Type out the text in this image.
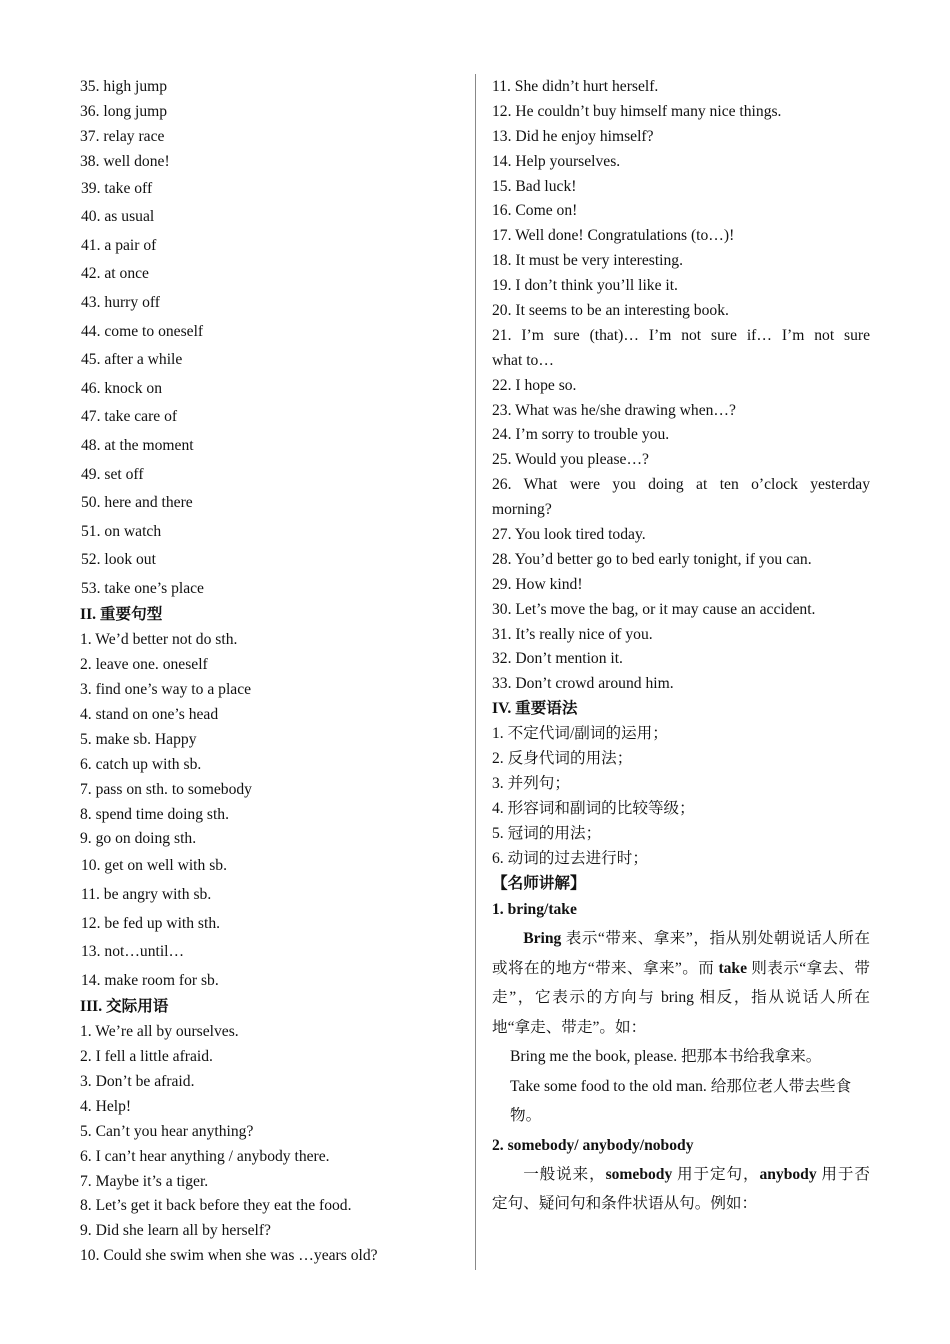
35. high jump
36. long jump
37. relay race
38. well done!
39. take off
40. as usual
41. a pair of
42. at once
43. hurry off
44. come to oneself
45. after a while
46. knock on
47. take care of
48. at the moment
49. set off
50. here and there
51. on watch
52. look out
53. take one’s place
II. 重要句型
1. We’d better not do sth.
2. leave one. oneself
3. find one’s way to a place
4. stand on one’s head
5. make sb. Happy
6. catch up with sb.
7. pass on sth. to somebody
8. spend time doing sth.
9. go on doing sth.
10. get on well with sb.
11. be angry with sb.
12. be fed up with sth.
13. not…until…
14. make room for sb.
III. 交际用语
1. We’re all by ourselves.
2. I fell a little afraid.
3. Don’t be afraid.
4. Help!
5. Can’t you hear anything?
6. I can’t hear anything / anybody there.
7. Maybe it’s a tiger.
8. Let’s get it back before they eat the food.
9. Did she learn all by herself?
10. Could she swim when she was …years old?
11. She didn’t hurt herself.
12. He couldn’t buy himself many nice things.
13. Did he enjoy himself?
14. Help yourselves.
15. Bad luck!
16. Come on!
17. Well done! Congratulations (to…)!
18. It must be very interesting.
19. I don’t think you’ll like it.
20. It seems to be an interesting book.
21. I’m sure (that)… I’m not sure if… I’m not sure
what to…
22. I hope so.
23. What was he/she drawing when…?
24. I’m sorry to trouble you.
25. Would you please…?
26. What were you doing at ten o’clock yesterday
morning?
27. You look tired today.
28. You’d better go to bed early tonight, if you can.
29. How kind!
30. Let’s move the bag, or it may cause an accident.
31. It’s really nice of you.
32. Don’t mention it.
33. Don’t crowd around him.
IV. 重要语法
1. 不定代词/副词的运用；
2. 反身代词的用法；
3. 并列句；
4. 形容词和副词的比较等级；
5. 冠词的用法；
6. 动词的过去进行时；
【名师讲解】
1. bring/take

Bring 表示“带来、拿来”，指从别处朝说话人所在或将在的地方“带来、拿来”。而 take 则表示“拿去、带走”，它表示的方向与 bring 相反，指从说话人所在地“拿走、带走”。如：

Bring me the book, please. 把那本书给我拿来。
Take some food to the old man. 给那位老人带去些食物。
2. somebody/ anybody/nobody

一般说来，somebody 用于定句，anybody 用于否定句、疑问句和条件状语从句。例如：
